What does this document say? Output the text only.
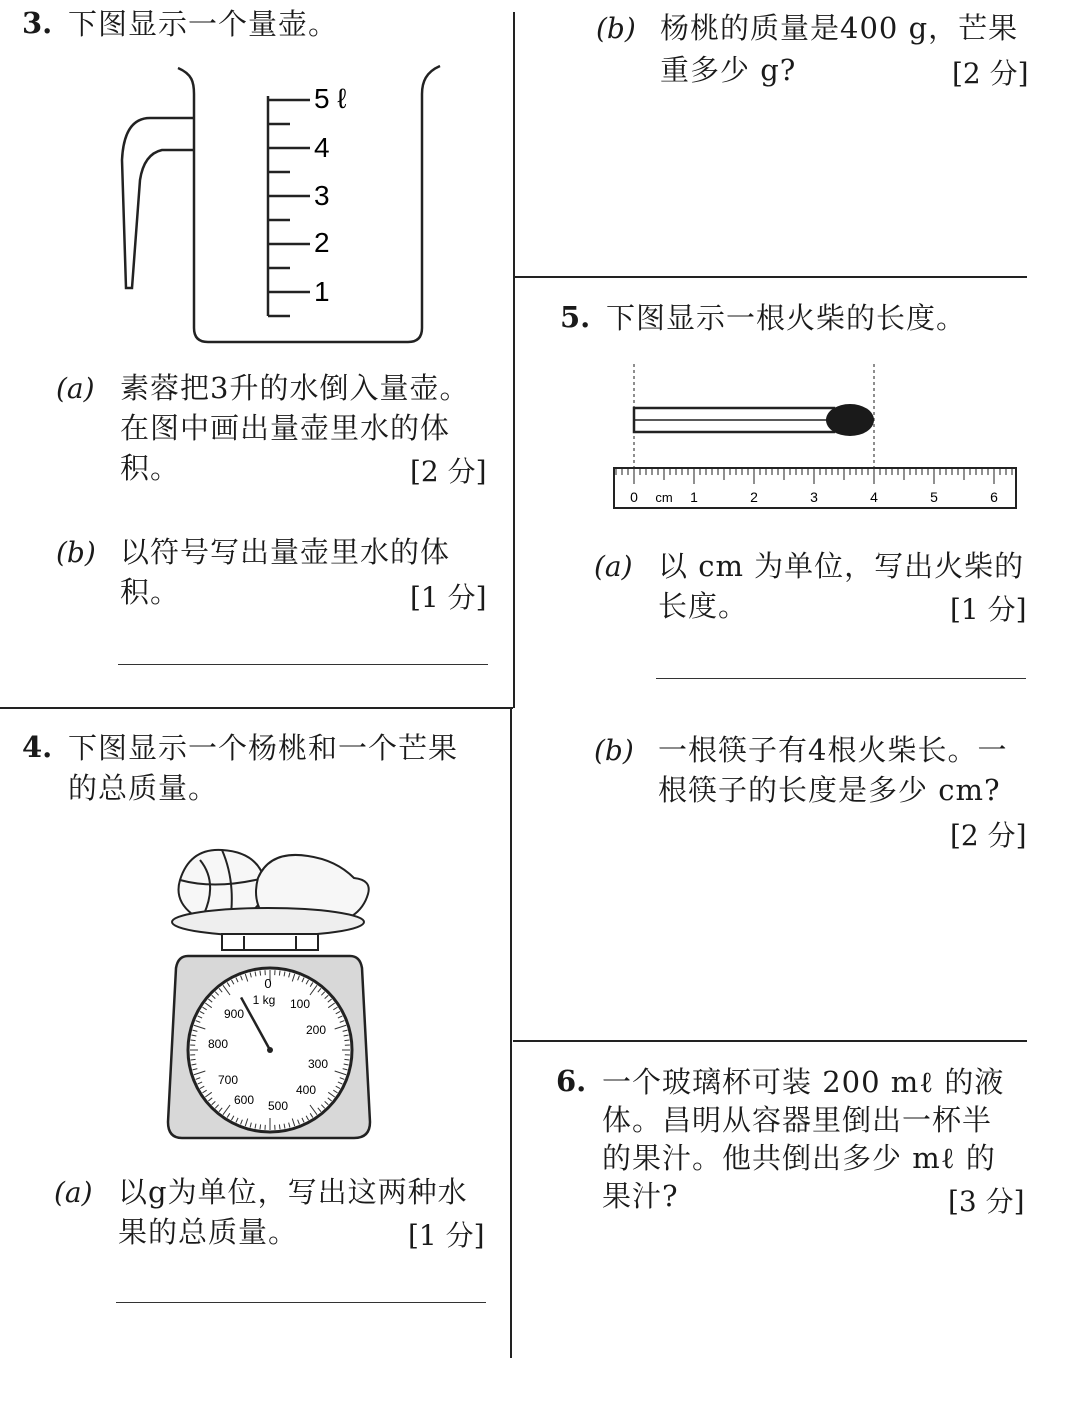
3. 下图显示一个量壶。
5 ℓ
4
3
2
1
(a) 素蓉把3升的水倒入量壶。
在图中画出量壶里水的体
积。	[2 分]
(b) 以符号写出量壶里水的体
积。	[1 分]
4. 下图显示一个杨桃和一个芒果
的总质量。
0
1 kg 100
200
300
400
500
600
700
800
900
(a) 以g为单位，写出这两种水
果的总质量。	[1 分]
(b) 杨桃的质量是400 g，芒果
重多少 g?	[2 分]
5. 下图显示一根火柴的长度。
0 cm 1	2	3	4	5	6
(a) 以 cm 为单位，写出火柴的
长度。	[1 分]
(b) 一根筷子有4根火柴长。一
根筷子的长度是多少 cm?
[2 分]
6. 一个玻璃杯可装 200 mℓ 的液
体。昌明从容器里倒出一杯半
的果汁。他共倒出多少 mℓ 的
果汁?	[3 分]
